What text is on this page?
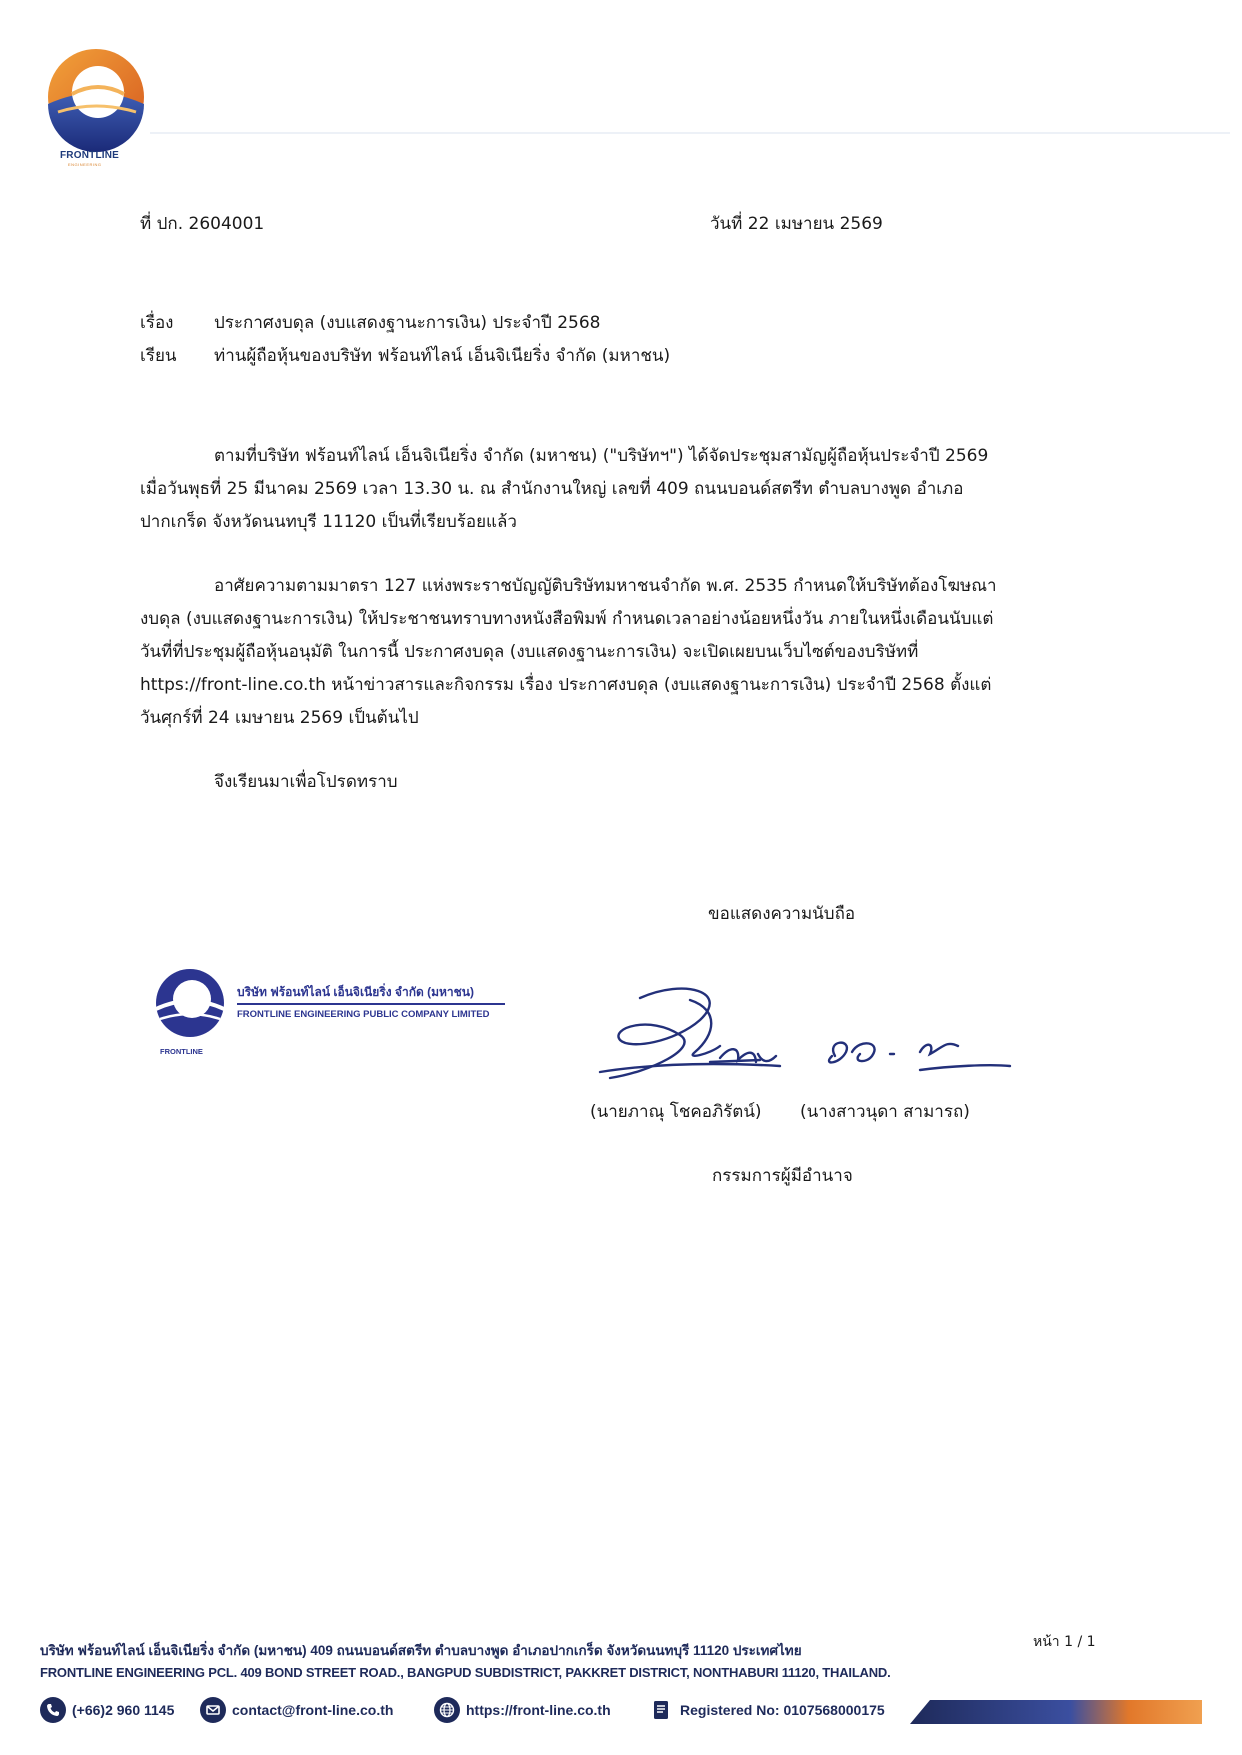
FRONTLINE
ENGINEERING
ที่ ปก. 2604001	วันที่ 22 เมษายน 2569
เรื่อง ประกาศงบดุล (งบแสดงฐานะการเงิน) ประจำปี 2568
เรียน ท่านผู้ถือหุ้นของบริษัท ฟร้อนท์ไลน์ เอ็นจิเนียริ่ง จำกัด (มหาชน)
ตามที่บริษัท ฟร้อนท์ไลน์ เอ็นจิเนียริ่ง จำกัด (มหาชน) ("บริษัทฯ") ได้จัดประชุมสามัญผู้ถือหุ้นประจำปี 2569
เมื่อวันพุธที่ 25 มีนาคม 2569 เวลา 13.30 น. ณ สำนักงานใหญ่ เลขที่ 409 ถนนบอนด์สตรีท ตำบลบางพูด อำเภอ
ปากเกร็ด จังหวัดนนทบุรี 11120 เป็นที่เรียบร้อยแล้ว
อาศัยความตามมาตรา 127 แห่งพระราชบัญญัติบริษัทมหาชนจำกัด พ.ศ. 2535 กำหนดให้บริษัทต้องโฆษณา
งบดุล (งบแสดงฐานะการเงิน) ให้ประชาชนทราบทางหนังสือพิมพ์ กำหนดเวลาอย่างน้อยหนึ่งวัน ภายในหนึ่งเดือนนับแต่
วันที่ที่ประชุมผู้ถือหุ้นอนุมัติ ในการนี้ ประกาศงบดุล (งบแสดงฐานะการเงิน) จะเปิดเผยบนเว็บไซต์ของบริษัทที่
https://front-line.co.th หน้าข่าวสารและกิจกรรม เรื่อง ประกาศงบดุล (งบแสดงฐานะการเงิน) ประจำปี 2568 ตั้งแต่
วันศุกร์ที่ 24 เมษายน 2569 เป็นต้นไป
จึงเรียนมาเพื่อโปรดทราบ
ขอแสดงความนับถือ
FRONTLINE
บริษัท ฟร้อนท์ไลน์ เอ็นจิเนียริ่ง จำกัด (มหาชน)
FRONTLINE ENGINEERING PUBLIC COMPANY LIMITED
(นายภาณุ โชคอภิรัตน์) (นางสาวนุดา สามารถ)
กรรมการผู้มีอำนาจ
หน้า 1 / 1
บริษัท ฟร้อนท์ไลน์ เอ็นจิเนียริ่ง จำกัด (มหาชน) 409 ถนนบอนด์สตรีท ตำบลบางพูด อำเภอปากเกร็ด จังหวัดนนทบุรี 11120 ประเทศไทย
FRONTLINE ENGINEERING PCL. 409 BOND STREET ROAD., BANGPUD SUBDISTRICT, PAKKRET DISTRICT, NONTHABURI 11120, THAILAND.
(+66)2 960 1145	contact@front-line.co.th	https://front-line.co.th	Registered No: 0107568000175
